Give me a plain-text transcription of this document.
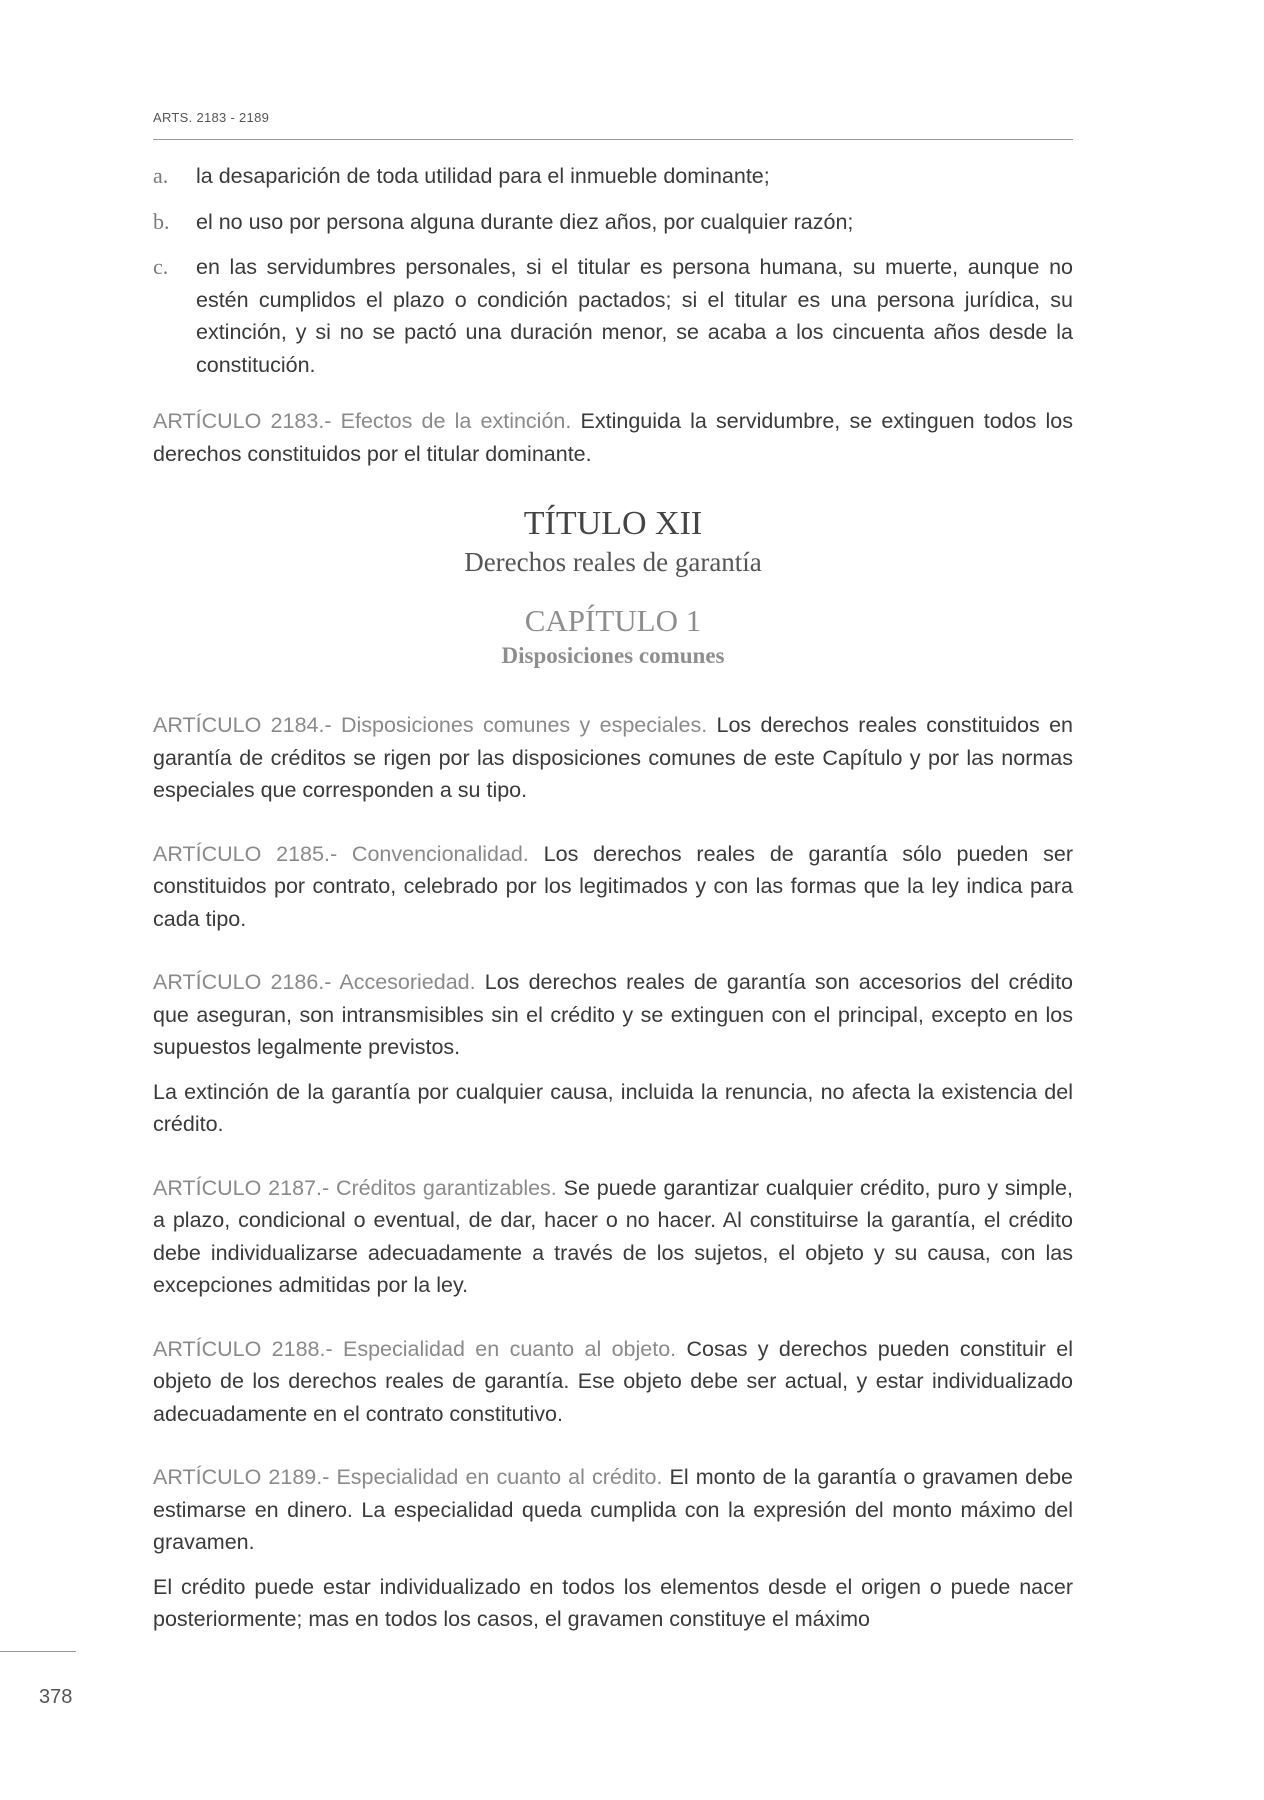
ARTS. 2183 - 2189
a.	la desaparición de toda utilidad para el inmueble dominante;
b.	el no uso por persona alguna durante diez años, por cualquier razón;
c.	en las servidumbres personales, si el titular es persona humana, su muerte, aunque no estén cumplidos el plazo o condición pactados; si el titular es una persona jurídica, su extinción, y si no se pactó una duración menor, se acaba a los cincuenta años desde la constitución.

ARTÍCULO 2183.- Efectos de la extinción. Extinguida la servidumbre, se extinguen todos los derechos constituidos por el titular dominante.

TÍTULO XII
Derechos reales de garantía
CAPÍTULO 1
Disposiciones comunes

ARTÍCULO 2184.- Disposiciones comunes y especiales. Los derechos reales constituidos en garantía de créditos se rigen por las disposiciones comunes de este Capítulo y por las normas especiales que corresponden a su tipo.

ARTÍCULO 2185.- Convencionalidad. Los derechos reales de garantía sólo pueden ser constituidos por contrato, celebrado por los legitimados y con las formas que la ley indica para cada tipo.

ARTÍCULO 2186.- Accesoriedad. Los derechos reales de garantía son accesorios del crédito que aseguran, son intransmisibles sin el crédito y se extinguen con el principal, excepto en los supuestos legalmente previstos.

La extinción de la garantía por cualquier causa, incluida la renuncia, no afecta la existencia del crédito.

ARTÍCULO 2187.- Créditos garantizables. Se puede garantizar cualquier crédito, puro y simple, a plazo, condicional o eventual, de dar, hacer o no hacer. Al constituirse la garantía, el crédito debe individualizarse adecuadamente a través de los sujetos, el objeto y su causa, con las excepciones admitidas por la ley.

ARTÍCULO 2188.- Especialidad en cuanto al objeto. Cosas y derechos pueden constituir el objeto de los derechos reales de garantía. Ese objeto debe ser actual, y estar individualizado adecuadamente en el contrato constitutivo.

ARTÍCULO 2189.- Especialidad en cuanto al crédito. El monto de la garantía o gravamen debe estimarse en dinero. La especialidad queda cumplida con la expresión del monto máximo del gravamen.

El crédito puede estar individualizado en todos los elementos desde el origen o puede nacer posteriormente; mas en todos los casos, el gravamen constituye el máximo

378
